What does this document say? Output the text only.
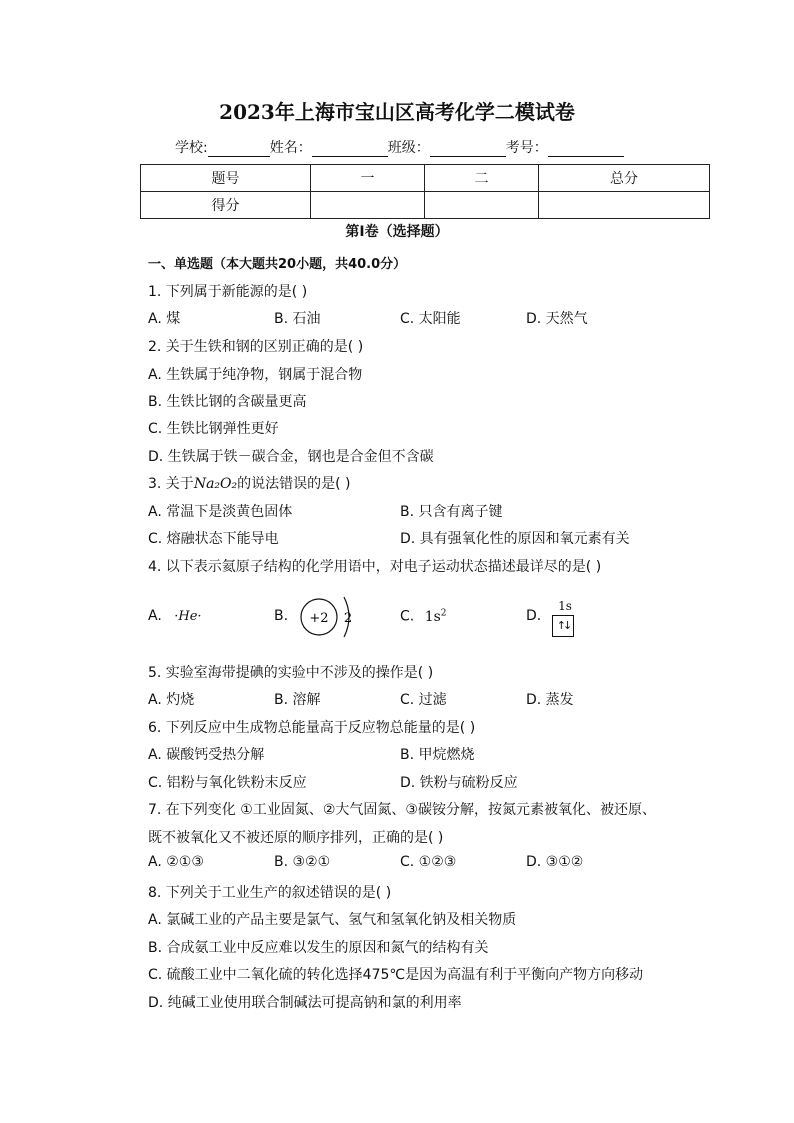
2023年上海市宝山区高考化学二模试卷
学校:	姓名：	班级：	考号：
题号	一	二	总分
得分			
第Ⅰ卷（选择题）
一、单选题（本大题共20小题，共40.0分）
1. 下列属于新能源的是( )
A. 煤	B. 石油	C. 太阳能	D. 天然气
2. 关于生铁和钢的区别正确的是( )
A. 生铁属于纯净物，钢属于混合物
B. 生铁比钢的含碳量更高
C. 生铁比钢弹性更好
D. 生铁属于铁－碳合金，钢也是合金但不含碳
3. 关于Na₂O₂的说法错误的是( )
A. 常温下是淡黄色固体	B. 只含有离子键
C. 熔融状态下能导电	D. 具有强氧化性的原因和氧元素有关
4. 以下表示氦原子结构的化学用语中，对电子运动状态描述最详尽的是( )
A. ·He·	B. +2 2	C. $1s^2$	D.
1s
↑↓
5. 实验室海带提碘的实验中不涉及的操作是( )
A. 灼烧	B. 溶解	C. 过滤	D. 蒸发
6. 下列反应中生成物总能量高于反应物总能量的是( )
A. 碳酸钙受热分解	B. 甲烷燃烧
C. 铝粉与氧化铁粉末反应	D. 铁粉与硫粉反应
7. 在下列变化 ①工业固氮、②大气固氮、③碳铵分解，按氮元素被氧化、被还原、
既不被氧化又不被还原的顺序排列，正确的是( )
A. ②①③	B. ③②①	C. ①②③	D. ③①②
8. 下列关于工业生产的叙述错误的是( )
A. 氯碱工业的产品主要是氯气、氢气和氢氧化钠及相关物质
B. 合成氨工业中反应难以发生的原因和氮气的结构有关
C. 硫酸工业中二氧化硫的转化选择475℃是因为高温有利于平衡向产物方向移动
D. 纯碱工业使用联合制碱法可提高钠和氯的利用率
